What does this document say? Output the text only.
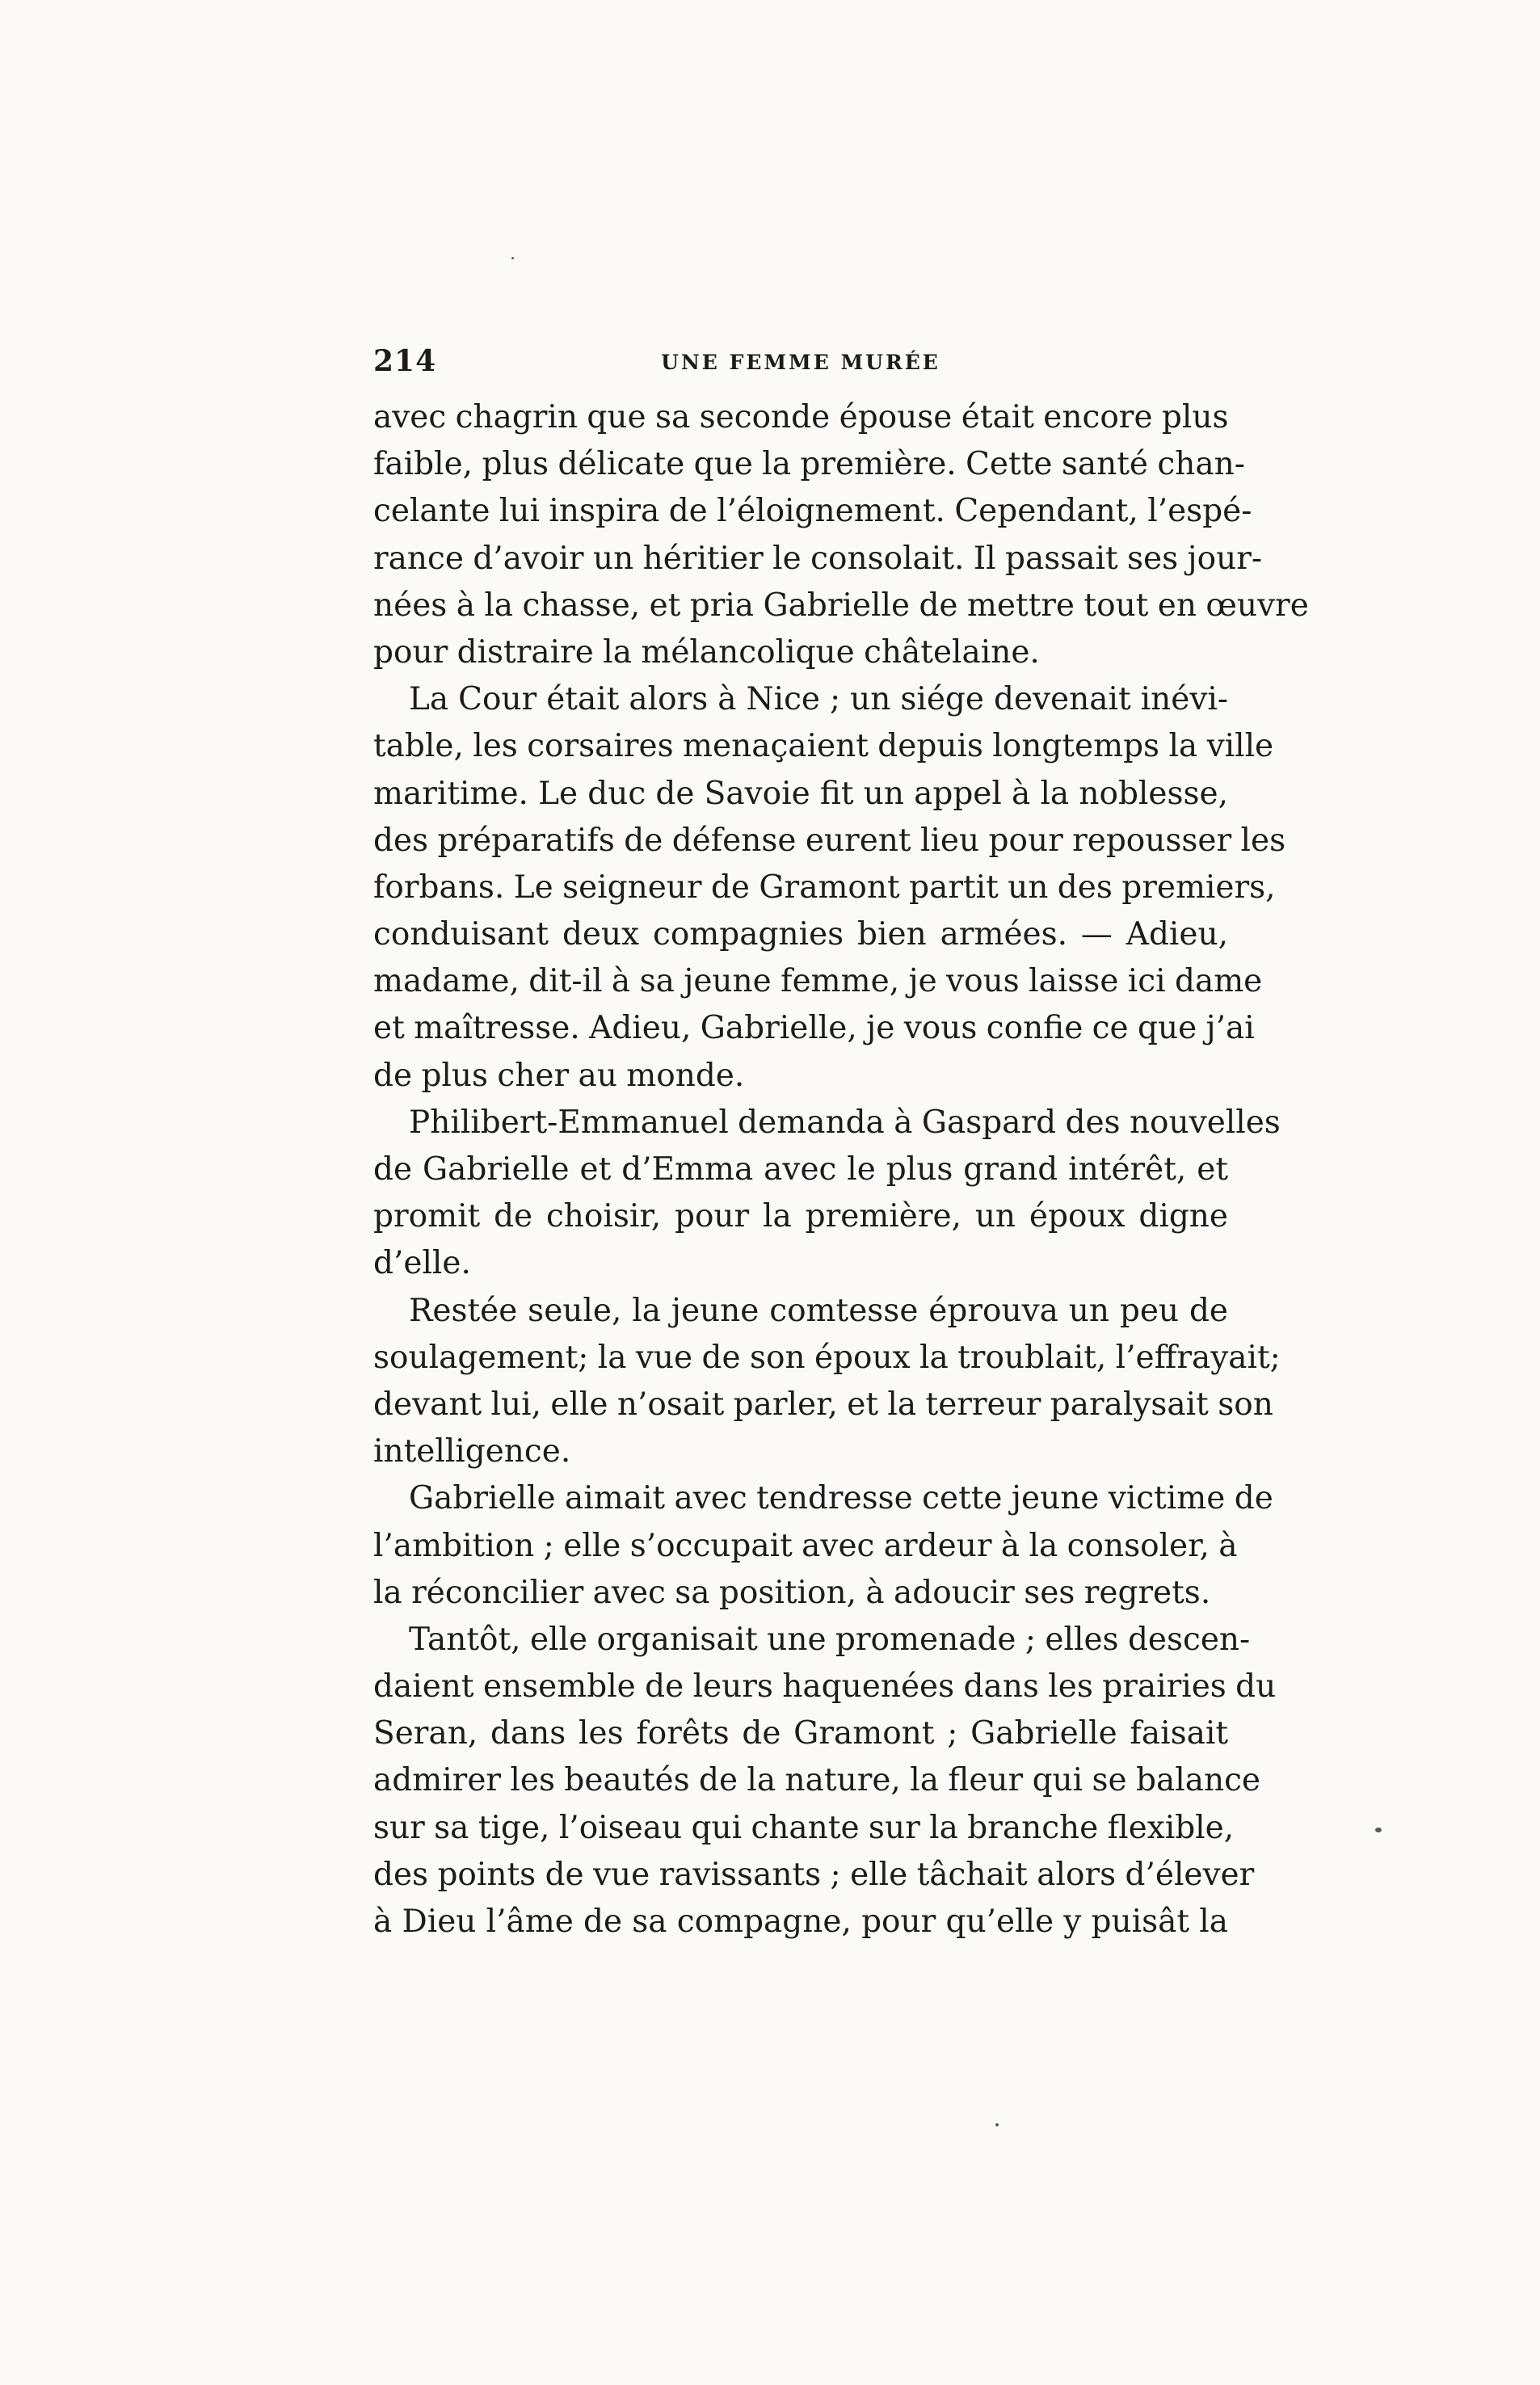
214	UNE FEMME MURÉE
avec chagrin que sa seconde épouse était encore plus
faible, plus délicate que la première. Cette santé chan-
celante lui inspira de l’éloignement. Cependant, l’espé-
rance d’avoir un héritier le consolait. Il passait ses jour-
nées à la chasse, et pria Gabrielle de mettre tout en œuvre
pour distraire la mélancolique châtelaine.
La Cour était alors à Nice ; un siége devenait inévi-
table, les corsaires menaçaient depuis longtemps la ville
maritime. Le duc de Savoie fit un appel à la noblesse,
des préparatifs de défense eurent lieu pour repousser les
forbans. Le seigneur de Gramont partit un des premiers,
conduisant deux compagnies bien armées. — Adieu,
madame, dit-il à sa jeune femme, je vous laisse ici dame
et maîtresse. Adieu, Gabrielle, je vous confie ce que j’ai
de plus cher au monde.
Philibert-Emmanuel demanda à Gaspard des nouvelles
de Gabrielle et d’Emma avec le plus grand intérêt, et
promit de choisir, pour la première, un époux digne
d’elle.
Restée seule, la jeune comtesse éprouva un peu de
soulagement; la vue de son époux la troublait, l’effrayait;
devant lui, elle n’osait parler, et la terreur paralysait son
intelligence.
Gabrielle aimait avec tendresse cette jeune victime de
l’ambition ; elle s’occupait avec ardeur à la consoler, à
la réconcilier avec sa position, à adoucir ses regrets.
Tantôt, elle organisait une promenade ; elles descen-
daient ensemble de leurs haquenées dans les prairies du
Seran, dans les forêts de Gramont ; Gabrielle faisait
admirer les beautés de la nature, la fleur qui se balance
sur sa tige, l’oiseau qui chante sur la branche flexible,
des points de vue ravissants ; elle tâchait alors d’élever
à Dieu l’âme de sa compagne, pour qu’elle y puisât la
